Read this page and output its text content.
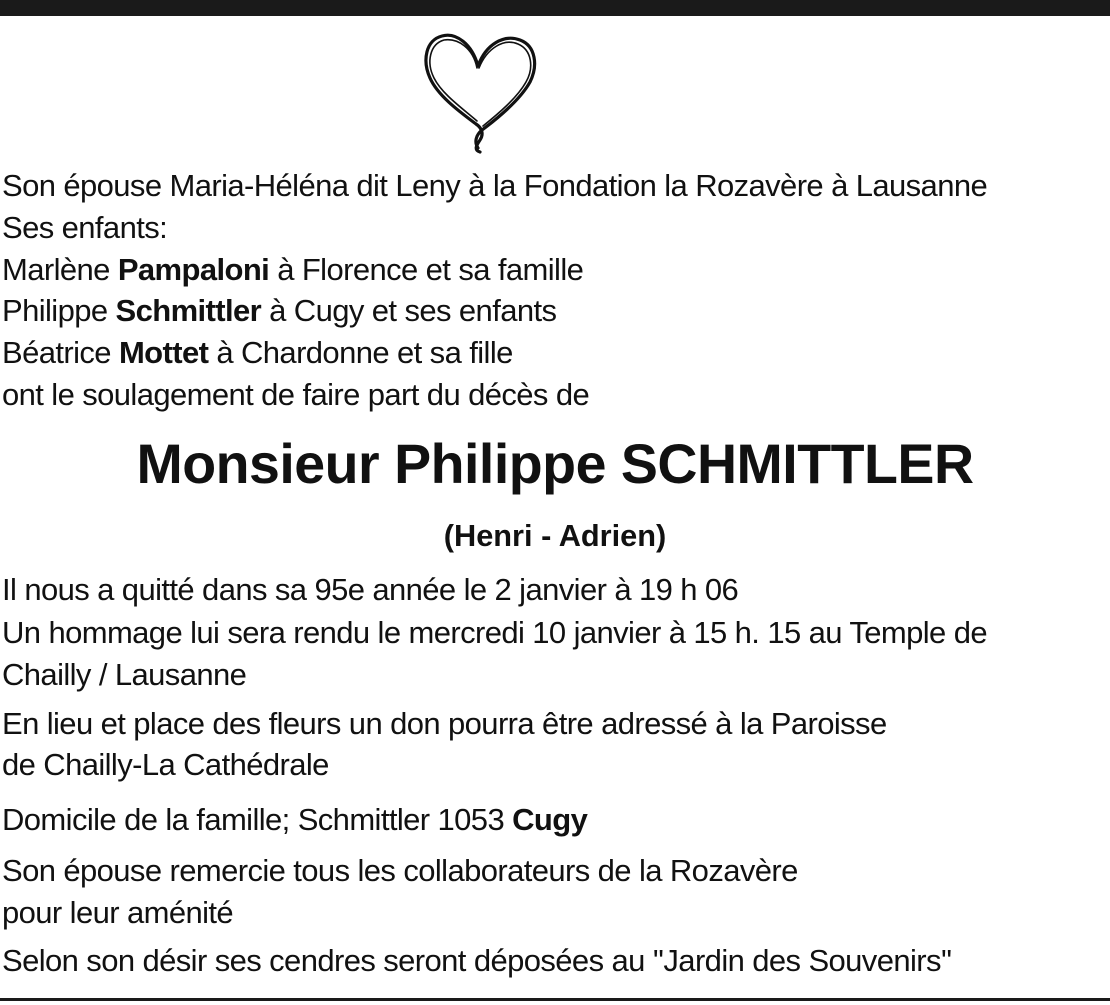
Son épouse Maria-Héléna dit Leny à la Fondation la Rozavère à Lausanne
Ses enfants:
Marlène Pampaloni à Florence et sa famille
Philippe Schmittler à Cugy et ses enfants
Béatrice Mottet à Chardonne et sa fille
ont le soulagement de faire part du décès de
Il nous a quitté dans sa 95e année le 2 janvier à 19 h 06
Un hommage lui sera rendu le mercredi 10 janvier à 15 h. 15 au Temple de
Chailly / Lausanne
En lieu et place des fleurs un don pourra être adressé à la Paroisse
de Chailly-La Cathédrale
Domicile de la famille; Schmittler 1053 Cugy
Son épouse remercie tous les collaborateurs de la Rozavère
pour leur aménité
Selon son désir ses cendres seront déposées au ''Jardin des Souvenirs''
Monsieur Philippe SCHMITTLER
(Henri - Adrien)
